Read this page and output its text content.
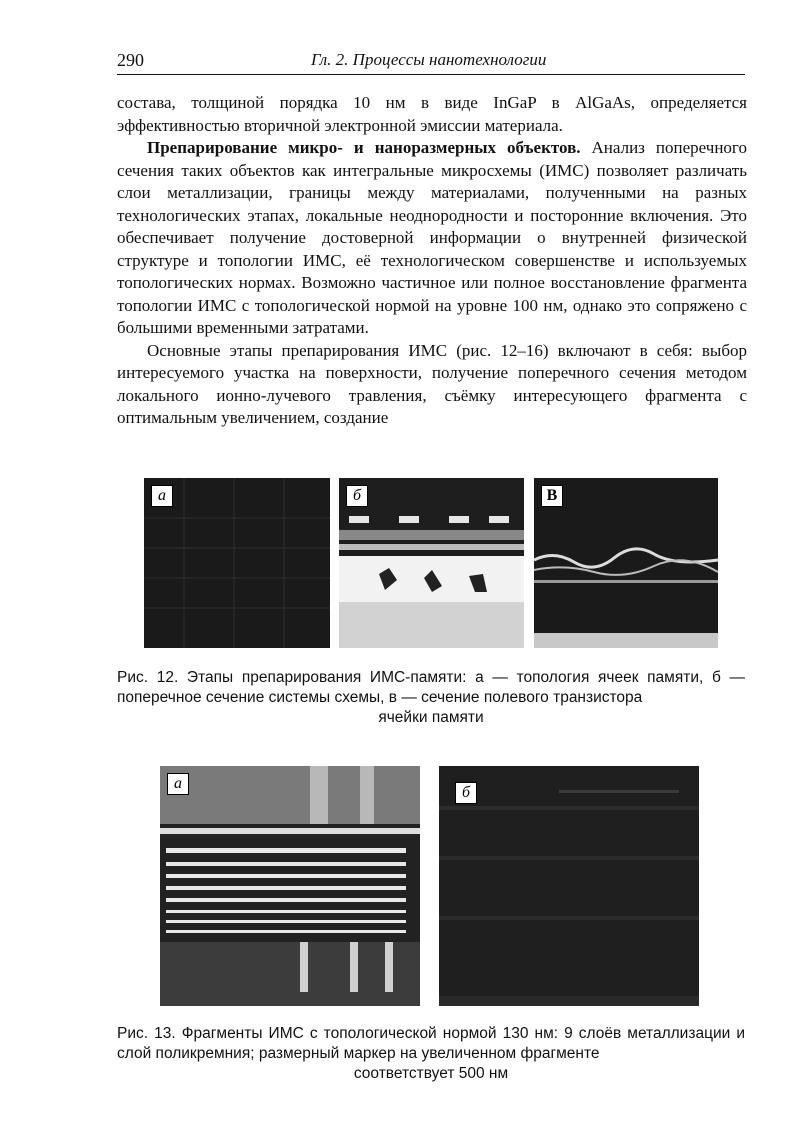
290	Гл. 2. Процессы нанотехнологии

состава, толщиной порядка 10 нм в виде InGaP в AlGaAs, определяется эффективностью вторичной электронной эмиссии материала.

Препарирование микро- и наноразмерных объектов. Анализ поперечного сечения таких объектов как интегральные микросхемы (ИМС) позволяет различать слои металлизации, границы между материалами, полученными на разных технологических этапах, локальные неоднородности и посторонние включения. Это обеспечивает получение достоверной информации о внутренней физической структуре и топологии ИМС, её технологическом совершенстве и используемых топологических нормах. Возможно частичное или полное восстановление фрагмента топологии ИМС с топологической нормой на уровне 100 нм, однако это сопряжено с большими временными затратами.

Основные этапы препарирования ИМС (рис. 12–16) включают в себя: выбор интересуемого участка на поверхности, получение поперечного сечения методом локального ионно-лучевого травления, съёмку интересующего фрагмента с оптимальным увеличением, создание

а	б	В
Рис. 12. Этапы препарирования ИМС-памяти: а — топология ячеек памяти, б — поперечное сечение системы схемы, в — сечение полевого транзистора
ячейки памяти
а
б
Рис. 13. Фрагменты ИМС с топологической нормой 130 нм: 9 слоёв металлизации и слой поликремния; размерный маркер на увеличенном фрагменте
соответствует 500 нм
